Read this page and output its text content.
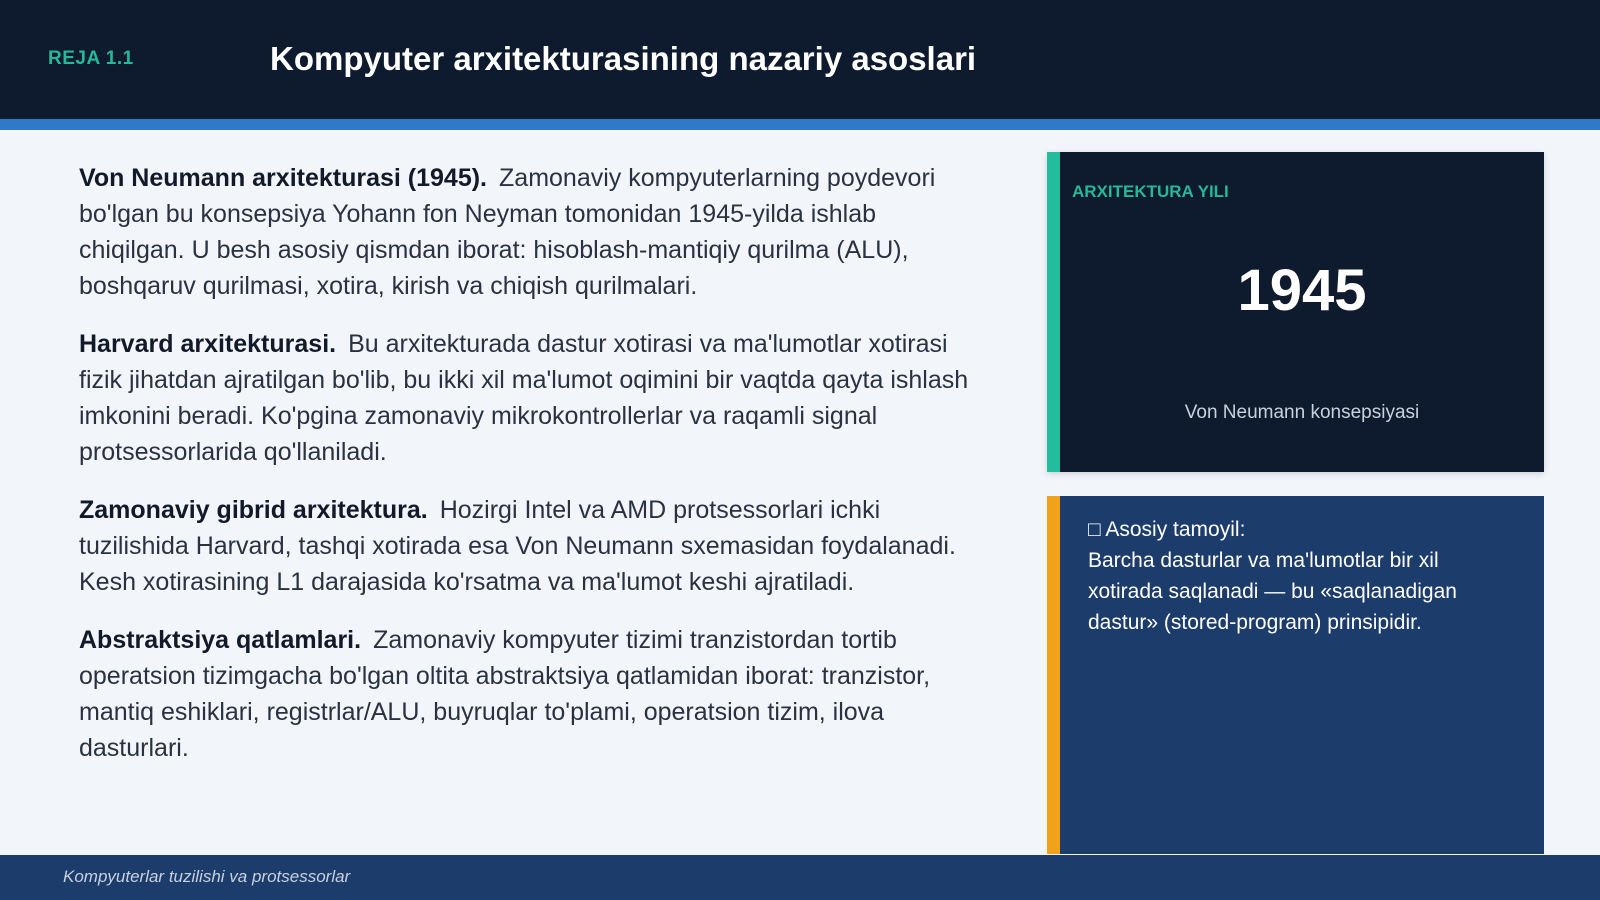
REJA 1.1	Kompyuter arxitekturasining nazariy asoslari

Von Neumann arxitekturasi (1945). Zamonaviy kompyuterlarning poydevori bo'lgan bu konsepsiya Yohann fon Neyman tomonidan 1945-yilda ishlab chiqilgan. U besh asosiy qismdan iborat: hisoblash-mantiqiy qurilma (ALU), boshqaruv qurilmasi, xotira, kirish va chiqish qurilmalari.

Harvard arxitekturasi. Bu arxitekturada dastur xotirasi va ma'lumotlar xotirasi fizik jihatdan ajratilgan bo'lib, bu ikki xil ma'lumot oqimini bir vaqtda qayta ishlash imkonini beradi. Ko'pgina zamonaviy mikrokontrollerlar va raqamli signal protsessorlarida qo'llaniladi.

Zamonaviy gibrid arxitektura. Hozirgi Intel va AMD protsessorlari ichki tuzilishida Harvard, tashqi xotirada esa Von Neumann sxemasidan foydalanadi. Kesh xotirasining L1 darajasida ko'rsatma va ma'lumot keshi ajratiladi.

Abstraktsiya qatlamlari. Zamonaviy kompyuter tizimi tranzistordan tortib operatsion tizimgacha bo'lgan oltita abstraktsiya qatlamidan iborat: tranzistor, mantiq eshiklari, registrlar/ALU, buyruqlar to'plami, operatsion tizim, ilova dasturlari.

ARXITEKTURA YILI
1945
Von Neumann konsepsiyasi
□ Asosiy tamoyil:
Barcha dasturlar va ma'lumotlar bir xil xotirada saqlanadi — bu «saqlanadigan dastur» (stored-program) prinsipidir.
Kompyuterlar tuzilishi va protsessorlar
